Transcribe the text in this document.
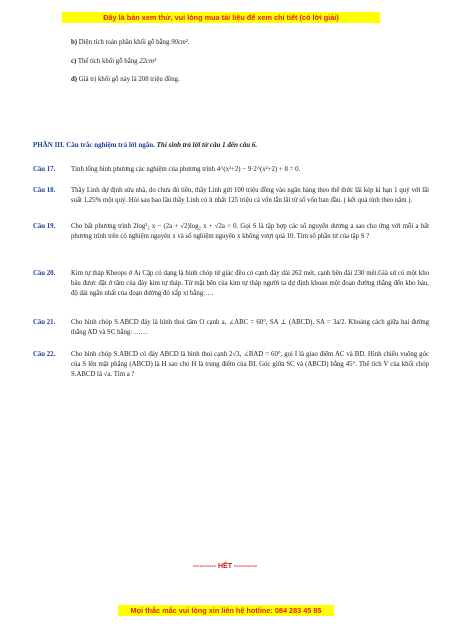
Đây là bản xem thử, vui lòng mua tài liệu để xem chi tiết (có lời giải)
b) Diện tích toàn phần khối gỗ bằng 90cm².
c) Thể tích khối gỗ bằng 22cm³
d) Giá trị khối gỗ này là 208 triệu đồng.
PHẦN III. Câu trắc nghiệm trả lời ngắn. Thí sinh trả lời từ câu 1 đến câu 6.
Câu 17. Tính tổng bình phương các nghiệm của phương trình 4^(x²+2) − 9·2^(x²+2) + 8 = 0.
Câu 18. Thầy Linh dự định sửa nhà, do chưa đủ tiền, thầy Linh gửi 100 triệu đồng vào ngân hàng theo thể thức lãi kép kì hạn 1 quý với lãi suất 1,25% một quý. Hỏi sau bao lâu thầy Linh có ít nhất 125 triệu cả vốn lẫn lãi từ số vốn ban đầu. ( kết quả tính theo năm ).
Câu 19. Cho bất phương trình 2log²₂ x − (2a + √2)log₂ x + √2a < 0. Gọi S là tập hợp các số nguyên dương a sao cho ứng với mỗi a bất phương trình trên có nghiệm nguyên x và số nghiệm nguyên x không vượt quá 10. Tìm số phần tử của tập S ?
Câu 20. Kim tự tháp Kheops ở Ai Cập có dạng là hình chóp tứ giác đều có cạnh đáy dài 262 mét, cạnh bên dài 230 mét.Giả sử có một kho báu được đặt ở tâm của đáy kim tự tháp. Từ mặt bên của kim tự tháp người ta dự định khoan một đoạn đường thẳng đến kho báu, độ dài ngắn nhất của đoạn đường đó xấp xỉ bằng:….
Câu 21. Cho hình chóp S.ABCD đáy là hình thoi tâm O cạnh a, ∠ABC = 60°, SA ⊥ (ABCD), SA = 3a/2. Khoảng cách giữa hai đường thẳng AD và SC bằng: ……
Câu 22. Cho hình chóp S.ABCD có đáy ABCD là hình thoi cạnh 2√3, ∠BAD = 60°, gọi I là giao điểm AC và BD. Hình chiếu vuông góc của S lên mặt phẳng (ABCD) là H sao cho H là trung điểm của BI. Góc giữa SC và (ABCD) bằng 45°. Thể tích V của khối chóp S.ABCD là √a. Tìm a ?
---------- HẾT ----------
Mọi thắc mắc vui lòng xin liên hệ hotline: 084 283 45 85
